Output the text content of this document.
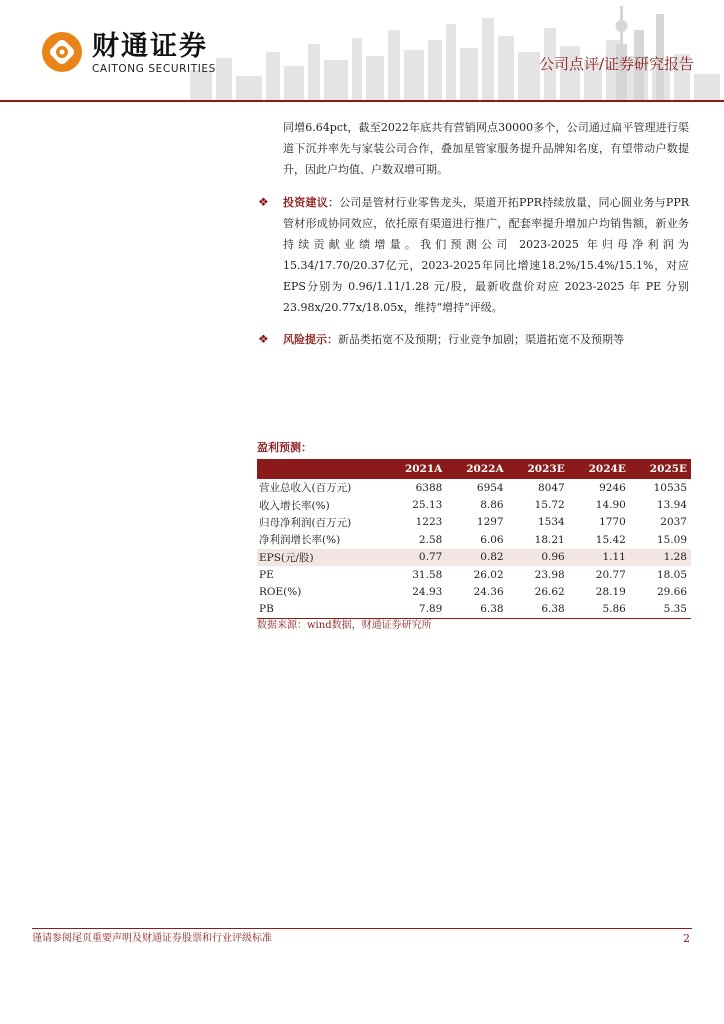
财通证券
CAITONG SECURITIES	公司点评/证券研究报告
同增6.64pct，截至2022年底共有营销网点30000多个，公司通过扁平管理进行渠道下沉并率先与家装公司合作，叠加星管家服务提升品牌知名度，有望带动户数提升，因此户均值、户数双增可期。
❖ 投资建议：公司是管材行业零售龙头，渠道开拓PPR持续放量，同心圆业务与PPR管材形成协同效应，依托原有渠道进行推广，配套率提升增加户均销售额，新业务持续贡献业绩增量。我们预测公司 2023-2025 年归母净利润为15.34/17.70/20.37亿元，2023-2025年同比增速18.2%/15.4%/15.1%，对应EPS分别为 0.96/1.11/1.28 元/股，最新收盘价对应 2023-2025 年 PE 分别23.98x/20.77x/18.05x，维持“增持”评级。
❖ 风险提示：新品类拓宽不及预期；行业竞争加剧；渠道拓宽不及预期等
盈利预测：
	2021A	2022A	2023E	2024E	2025E
营业总收入(百万元)	6388	6954	8047	9246	10535
收入增长率(%)	25.13	8.86	15.72	14.90	13.94
归母净利润(百万元)	1223	1297	1534	1770	2037
净利润增长率(%)	2.58	6.06	18.21	15.42	15.09
EPS(元/股)	0.77	0.82	0.96	1.11	1.28
PE	31.58	26.02	23.98	20.77	18.05
ROE(%)	24.93	24.36	26.62	28.19	29.66
PB	7.89	6.38	6.38	5.86	5.35
数据来源：wind数据，财通证券研究所
谨请参阅尾页重要声明及财通证券股票和行业评级标准	2
